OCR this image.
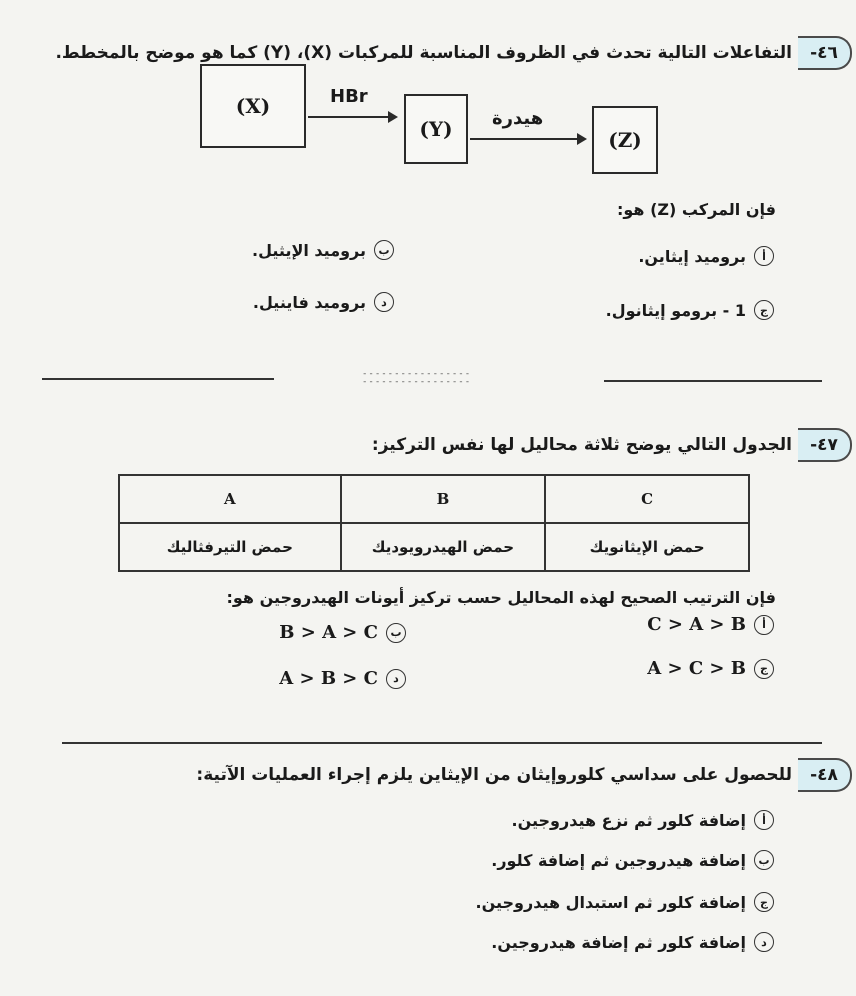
٤٦-
التفاعلات التالية تحدث في الظروف المناسبة للمركبات (X)، (Y) كما هو موضح بالمخطط.
(X)	HBr
(Y)	هيدرة
(Z)
فإن المركب (Z) هو:
أ
بروميد إيثاين.
ب
بروميد الإيثيل.
ج
1 - برومو إيثانول.
د
بروميد فاينيل.
-----------------
-----------------
٤٧-
الجدول التالي يوضح ثلاثة محاليل لها نفس التركيز:
C	B	A
حمض الإيثانويك	حمض الهيدرويوديك	حمض التيرفثاليك
فإن الترتيب الصحيح لهذه المحاليل حسب تركيز أيونات الهيدروجين هو:
أ
C > A > B
ب
B > A > C
ج
A > C > B
د
A > B > C
٤٨-
للحصول على سداسي كلوروإيثان من الإيثاين يلزم إجراء العمليات الآتية:
أ
إضافة كلور ثم نزع هيدروجين.
ب
إضافة هيدروجين ثم إضافة كلور.
ج
إضافة كلور ثم استبدال هيدروجين.
د
إضافة كلور ثم إضافة هيدروجين.
